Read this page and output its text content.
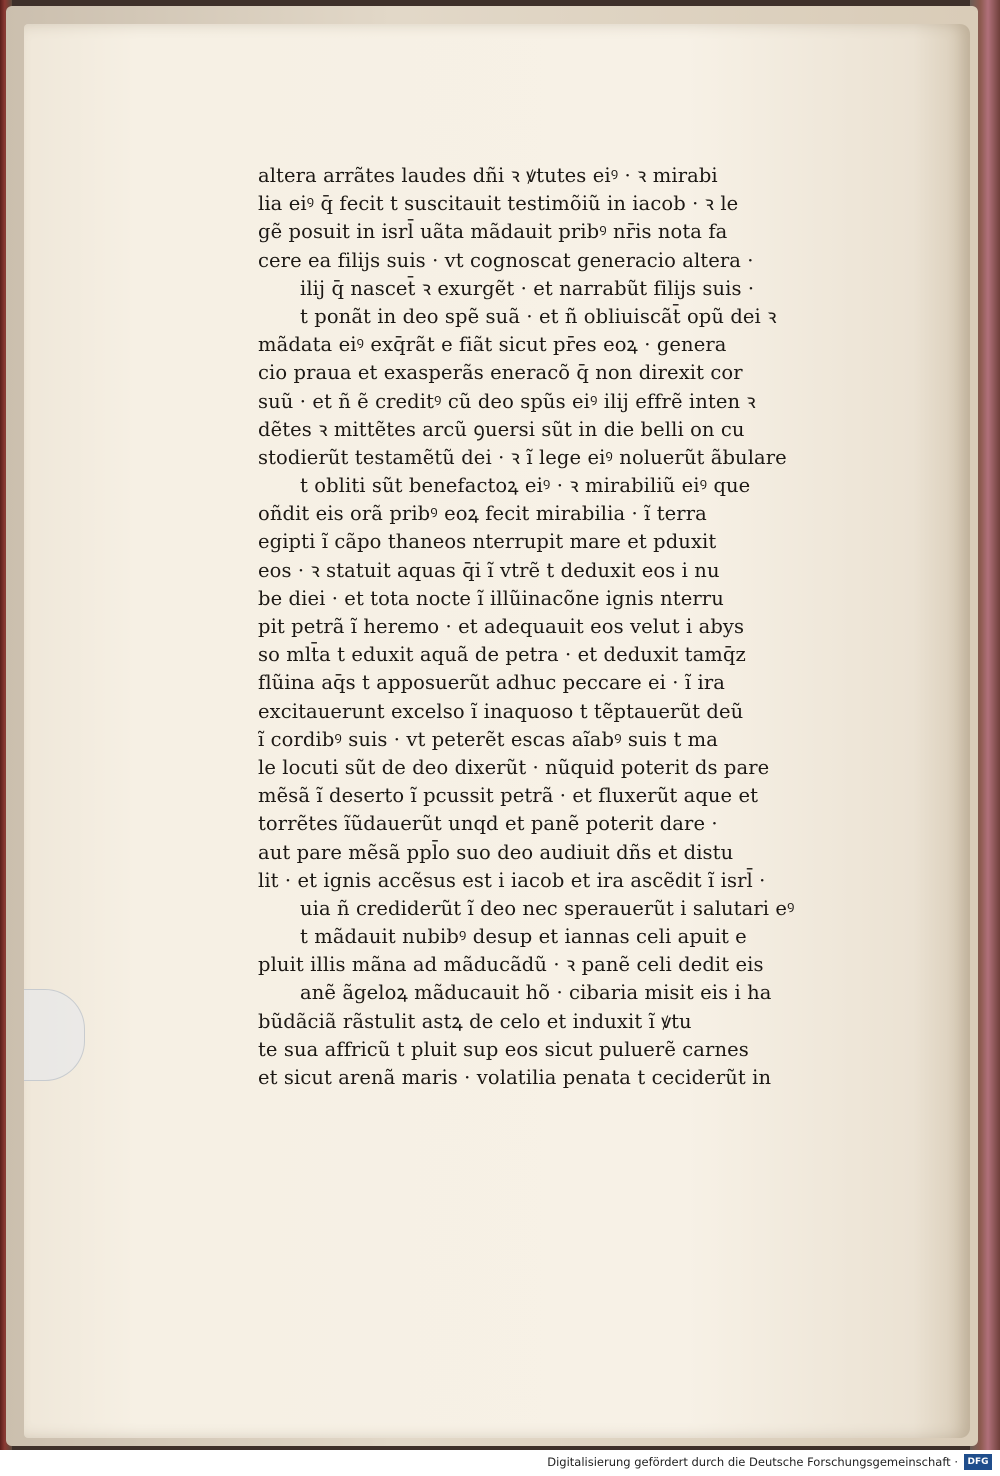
altera arrãtes laudes dñi ꝛ ꝟtutes eiꝰ · ꝛ mirabi
lia eiꝰ q̄ fecit t suscitauit testimõiũ in iacob · ꝛ le
gẽ posuit in isrl̄ uãta mãdauit pribꝰ nr̄is nota fa
cere ea filijs suis · vt cognoscat generacio altera ·
ilij q̄ nascet̄ ꝛ exurgẽt · et narrabũt filijs suis ·
t ponãt in deo spẽ suã · et ñ obliuiscãt̄ opũ dei ꝛ
mãdata eiꝰ exq̄rãt e fiãt sicut pr̄es eoꝝ · genera
cio praua et exasperãs eneracõ q̄ non direxit cor
suũ · et ñ ẽ creditꝰ cũ deo spũs eiꝰ ilij effrẽ inten ꝛ
dẽtes ꝛ mittẽtes arcũ ꝯuersi sũt in die belli on cu
stodierũt testamẽtũ dei · ꝛ ĩ lege eiꝰ noluerũt ãbulare
t obliti sũt benefactoꝝ eiꝰ · ꝛ mirabiliũ eiꝰ que
oñdit eis orã pribꝰ eoꝝ fecit mirabilia · ĩ terra
egipti ĩ cãpo thaneos nterrupit mare et pduxit
eos · ꝛ statuit aquas q̄i ĩ vtrẽ t deduxit eos i nu
be diei · et tota nocte ĩ illũinacõne ignis nterru
pit petrã ĩ heremo · et adequauit eos velut i abys
so mlt̄a t eduxit aquã de petra · et deduxit tamq̄z
flũina aq̄s t apposuerũt adhuc peccare ei · ĩ ira
excitauerunt excelso ĩ inaquoso t tẽptauerũt deũ
ĩ cordibꝰ suis · vt peterẽt escas aĩabꝰ suis t ma
le locuti sũt de deo dixerũt · nũquid poterit ds pare
mẽsã ĩ deserto ĩ pcussit petrã · et fluxerũt aque et
torrẽtes ĩũdauerũt unqd et panẽ poterit dare ·
aut pare mẽsã ppl̄o suo deo audiuit dñs et distu
lit · et ignis accẽsus est i iacob et ira ascẽdit ĩ isrl̄ ·
uia ñ crediderũt ĩ deo nec sperauerũt i salutari eꝰ
t mãdauit nubibꝰ desup et iannas celi apuit e
pluit illis mãna ad mãducãdũ · ꝛ panẽ celi dedit eis
anẽ ãgeloꝝ mãducauit hõ · cibaria misit eis i ha
bũdãciã rãstulit astꝝ de celo et induxit ĩ ꝟtu
te sua affricũ t pluit sup eos sicut puluerẽ carnes
et sicut arenã maris · volatilia penata t ceciderũt in
Digitalisierung gefördert durch die Deutsche Forschungsgemeinschaft ·	DFG
